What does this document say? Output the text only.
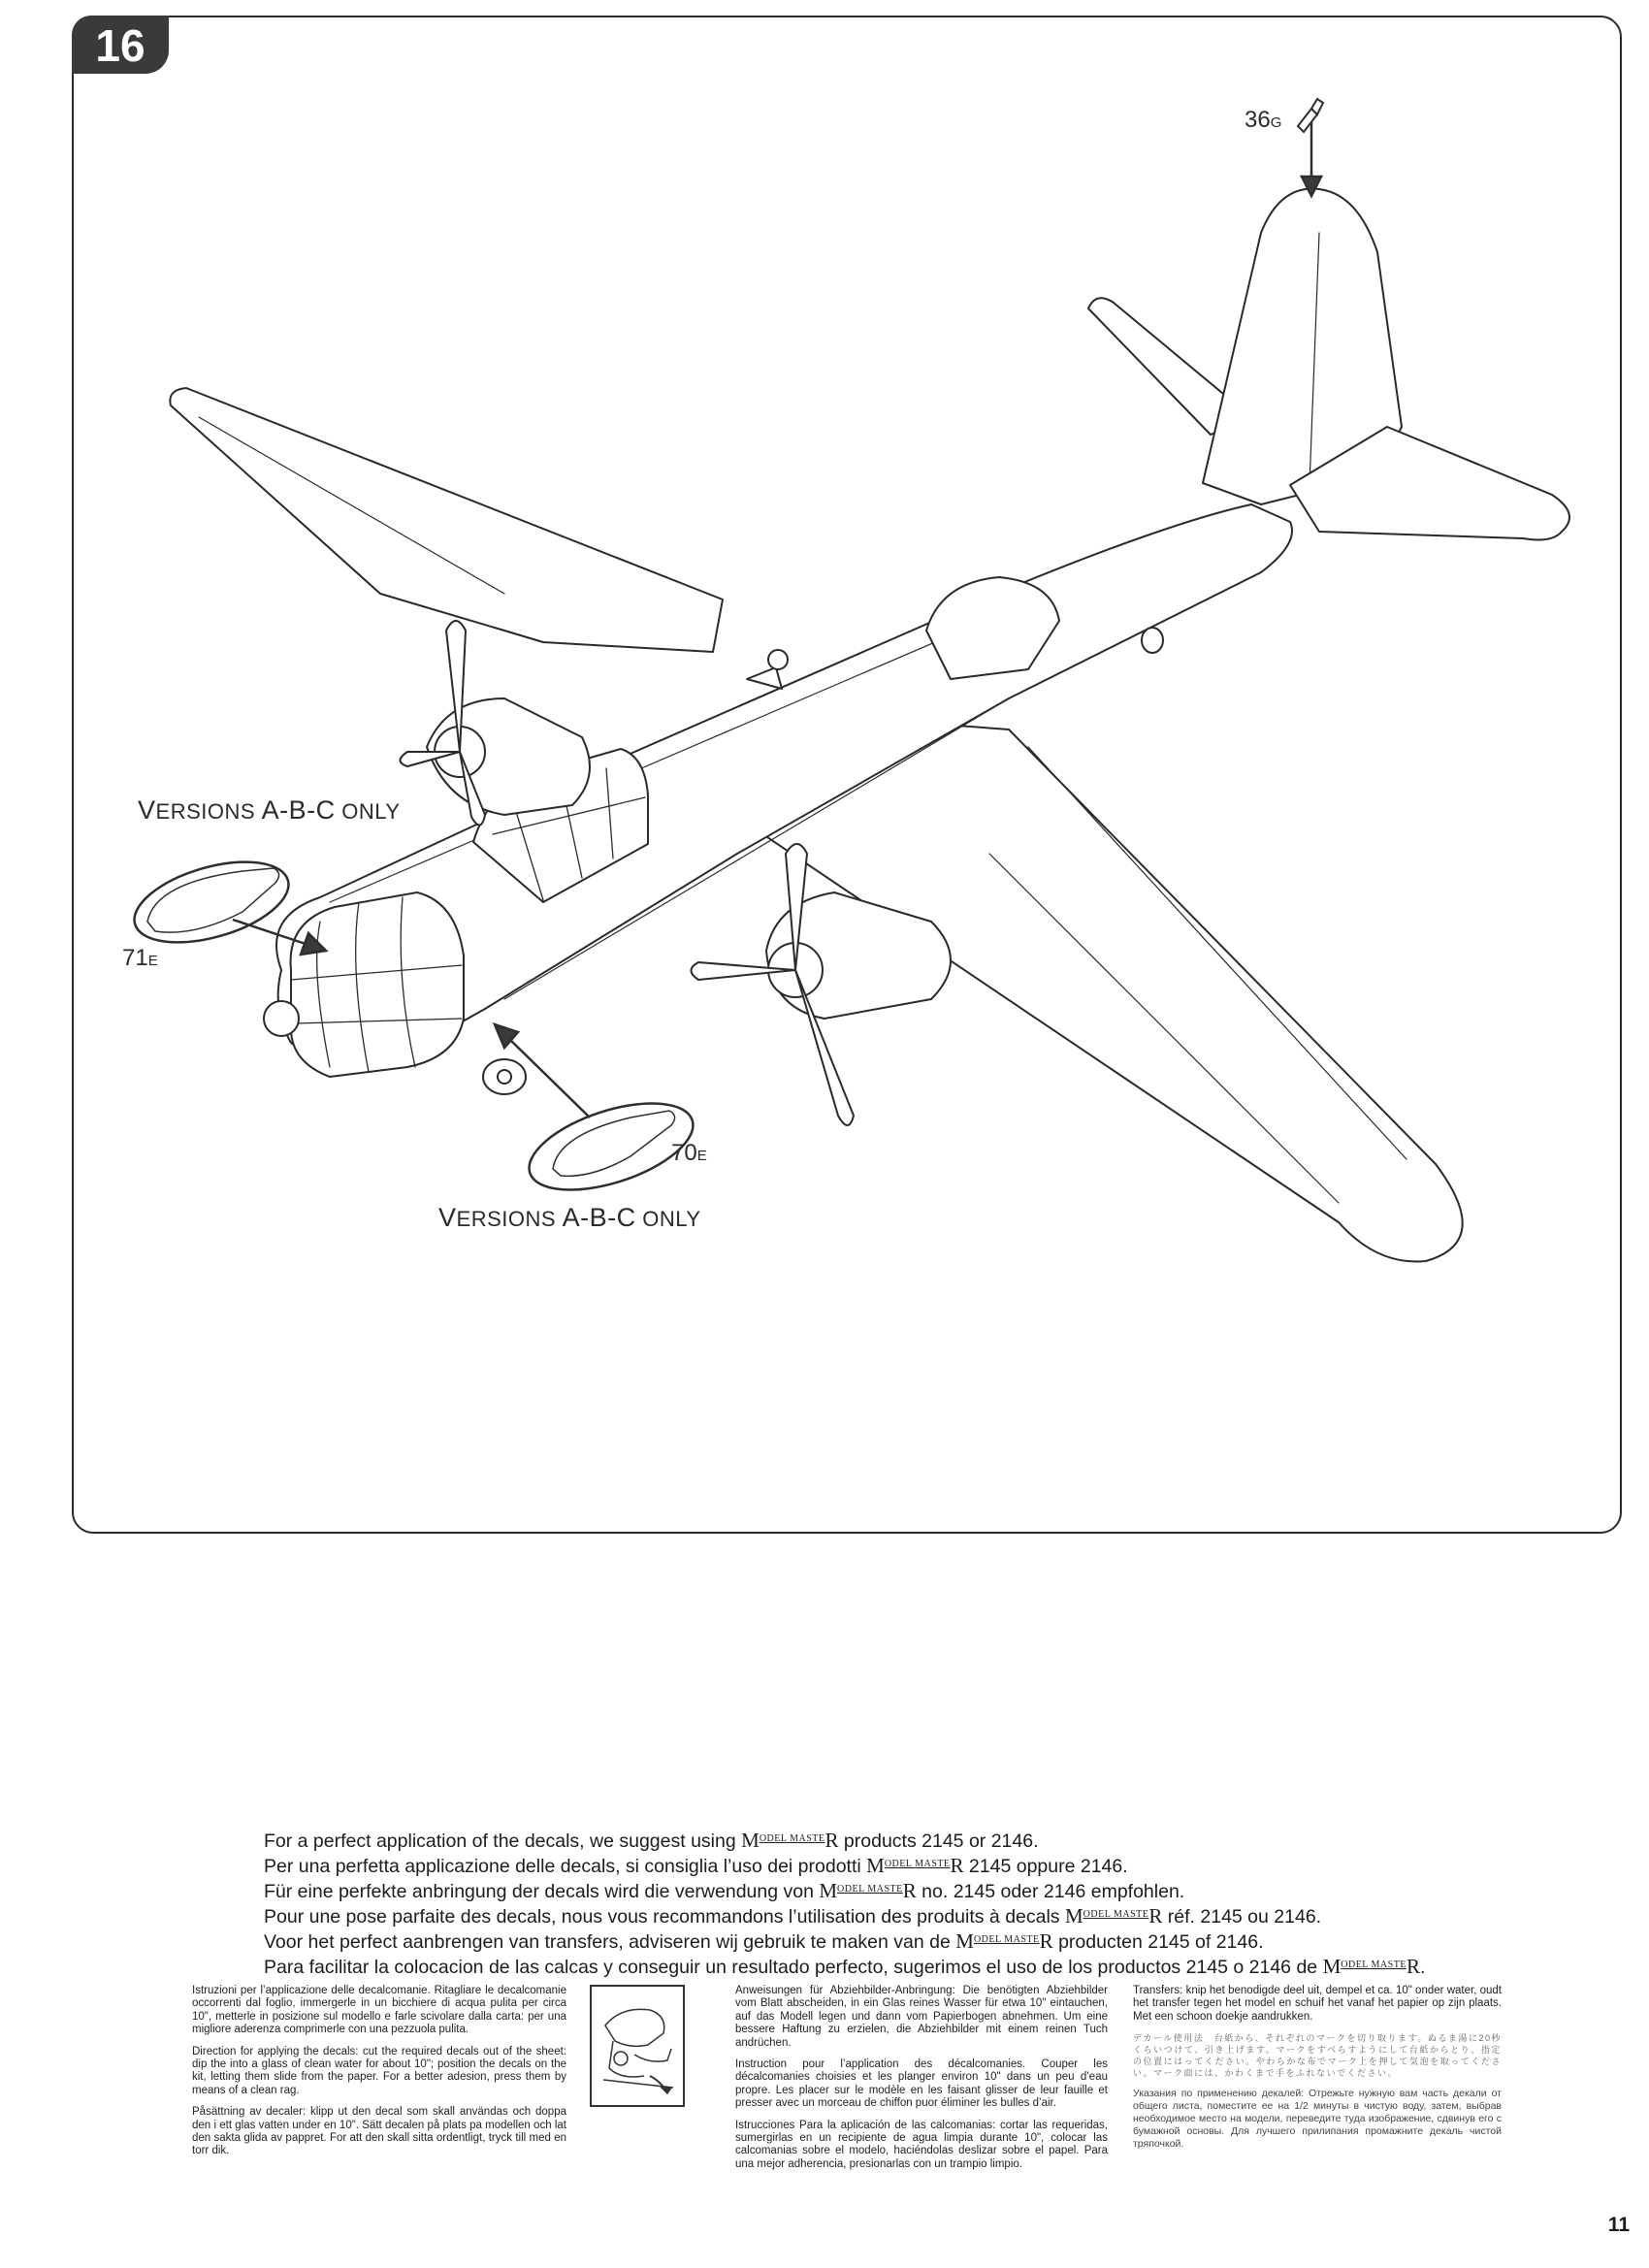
16
VERSIONS A-B-C ONLY
VERSIONS A-B-C ONLY
36G
71E
70E

For a perfect application of the decals, we suggest using $M^{ODEL MASTE}R$ products 2145 or 2146.

Per una perfetta applicazione delle decals, si consiglia l’uso dei prodotti $M^{ODEL MASTE}R$ 2145 oppure 2146.

Für eine perfekte anbringung der decals wird die verwendung von $M^{ODEL MASTE}R$ no. 2145 oder 2146 empfohlen.

Pour une pose parfaite des decals, nous vous recommandons l’utilisation des produits à decals $M^{ODEL MASTE}R$ réf. 2145 ou 2146.

Voor het perfect aanbrengen van transfers, adviseren wij gebruik te maken van de $M^{ODEL MASTE}R$ producten 2145 of 2146.

Para facilitar la colocacion de las calcas y conseguir un resultado perfecto, sugerimos el uso de los productos 2145 o 2146 de $M^{ODEL MASTE}R$.

Istruzioni per l’applicazione delle decalcomanie. Ritagliare le decalcomanie occorrenti dal foglio, immergerle in un bicchiere di acqua pulita per circa 10", metterle in posizione sul modello e farle scivolare dalla carta: per una migliore aderenza comprimerle con una pezzuola pulita.

Direction for applying the decals: cut the required decals out of the sheet: dip the into a glass of clean water for about 10"; position the decals on the kit, letting them slide from the paper. For a better adesion, press them by means of a clean rag.

Påsättning av decaler: klipp ut den decal som skall användas och doppa den i ett glas vatten under en 10". Sätt decalen på plats pa modellen och lat den sakta glida av pappret. For att den skall sitta ordentligt, tryck till med en torr dik.

Anweisungen für Abziehbilder-Anbringung: Die benötigten Abziehbilder vom Blatt abscheiden, in ein Glas reines Wasser für etwa 10" eintauchen, auf das Modell legen und dann vom Papierbogen abnehmen. Um eine bessere Haftung zu erzielen, die Abziehbilder mit einem reinen Tuch andrüchen.

Instruction pour l’application des décalcomanies. Couper les décalcomanies choisies et les planger environ 10" dans un peu d’eau propre. Les placer sur le modèle en les faisant glisser de leur fauille et presser avec un morceau de chiffon puor éliminer les bulles d’air.

Istrucciones Para la aplicación de las calcomanias: cortar las requeridas, sumergirlas en un recipiente de agua limpia durante 10", colocar las calcomanias sobre el modelo, haciéndolas deslizar sobre el papel. Para una mejor adherencia, presionarlas con un trampio limpio.

Transfers: knip het benodigde deel uit, dempel et ca. 10" onder water, oudt het transfer tegen het model en schuif het vanaf het papier op zijn plaats. Met een schoon doekje aandrukken.

デカール使用法　台紙から、それぞれのマークを切り取ります。ぬるま湯に20秒くらいつけて、引き上げます。マークをすべらすようにして台紙からとり、指定の位置にはってください。やわらかな布でマーク上を押して気泡を取ってください。マーク面には、かわくまで手をふれないでください。

Указания по применению декалей: Отрежьте нужную вам часть декали от общего листа, поместите ее на 1/2 минуты в чистую воду, затем, выбрав необходимое место на модели, переведите туда изображение, сдвинув его с бумажной основы. Для лучшего прилипания промажните декаль чистой тряпочкой.

11
